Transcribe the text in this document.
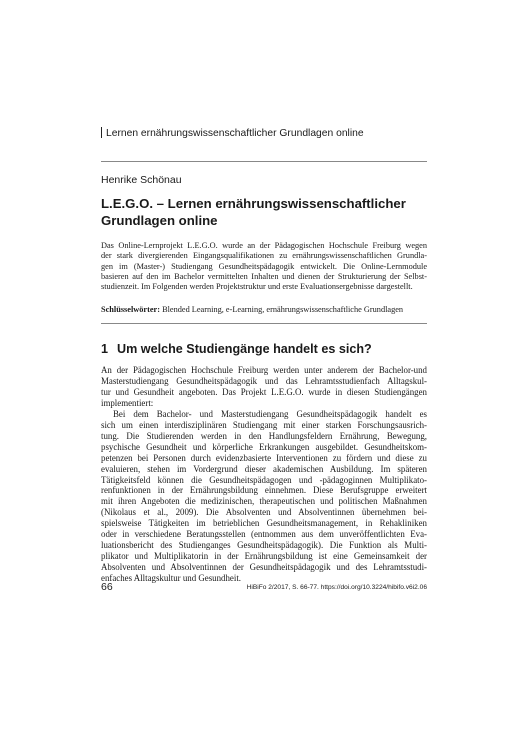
Lernen ernährungswissenschaftlicher Grundlagen online
Henrike Schönau
L.E.G.O. – Lernen ernährungswissenschaftlicher
Grundlagen online
Das Online-Lernprojekt L.E.G.O. wurde an der Pädagogischen Hochschule Freiburg wegen
der stark divergierenden Eingangsqualifikationen zu ernährungswissenschaftlichen Grundla-
gen im (Master-) Studiengang Gesundheitspädagogik entwickelt. Die Online-Lernmodule
basieren auf den im Bachelor vermittelten Inhalten und dienen der Strukturierung der Selbst-
studienzeit. Im Folgenden werden Projektstruktur und erste Evaluationsergebnisse dargestellt.
Schlüsselwörter: Blended Learning, e-Learning, ernährungswissenschaftliche Grundlagen
1 Um welche Studiengänge handelt es sich?
An der Pädagogischen Hochschule Freiburg werden unter anderem der Bachelor-und
Masterstudiengang Gesundheitspädagogik und das Lehramtsstudienfach Alltagskul-
tur und Gesundheit angeboten. Das Projekt L.E.G.O. wurde in diesen Studiengängen
implementiert:
Bei dem Bachelor- und Masterstudiengang Gesundheitspädagogik handelt es
sich um einen interdisziplinären Studiengang mit einer starken Forschungsausrich-
tung. Die Studierenden werden in den Handlungsfeldern Ernährung, Bewegung,
psychische Gesundheit und körperliche Erkrankungen ausgebildet. Gesundheitskom-
petenzen bei Personen durch evidenzbasierte Interventionen zu fördern und diese zu
evaluieren, stehen im Vordergrund dieser akademischen Ausbildung. Im späteren
Tätigkeitsfeld können die Gesundheitspädagogen und -pädagoginnen Multiplikato-
renfunktionen in der Ernährungsbildung einnehmen. Diese Berufsgruppe erweitert
mit ihren Angeboten die medizinischen, therapeutischen und politischen Maßnahmen
(Nikolaus et al., 2009). Die Absolventen und Absolventinnen übernehmen bei-
spielsweise Tätigkeiten im betrieblichen Gesundheitsmanagement, in Rehakliniken
oder in verschiedene Beratungsstellen (entnommen aus dem unveröffentlichten Eva-
luationsbericht des Studienganges Gesundheitspädagogik). Die Funktion als Multi-
plikator und Multiplikatorin in der Ernährungsbildung ist eine Gemeinsamkeit der
Absolventen und Absolventinnen der Gesundheitspädagogik und des Lehramtsstudi-
enfaches Alltagskultur und Gesundheit.
66	HiBiFo 2/2017, S. 66-77. https://doi.org/10.3224/hibifo.v6i2.06
